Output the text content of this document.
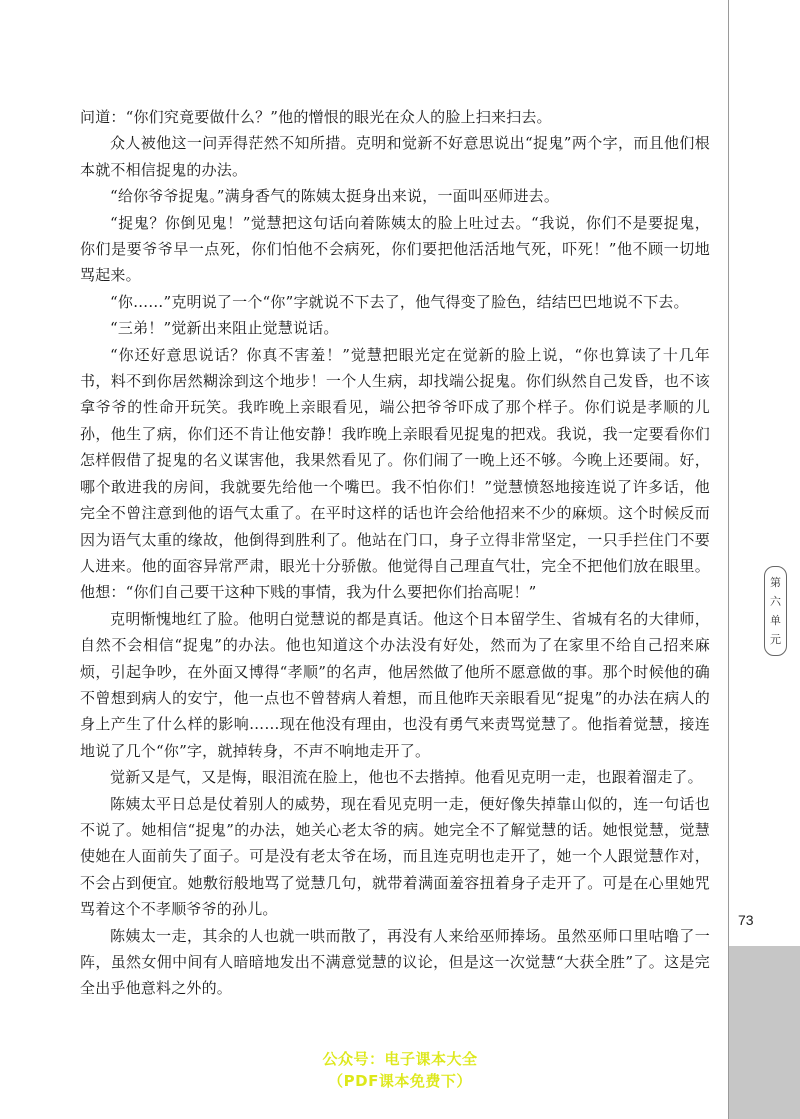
第
六
单
元
73

问道：“你们究竟要做什么？”他的憎恨的眼光在众人的脸上扫来扫去。

众人被他这一问弄得茫然不知所措。克明和觉新不好意思说出“捉鬼”两个字，而且他们根本就不相信捉鬼的办法。

“给你爷爷捉鬼。”满身香气的陈姨太挺身出来说，一面叫巫师进去。

“捉鬼？你倒见鬼！”觉慧把这句话向着陈姨太的脸上吐过去。“我说，你们不是要捉鬼，你们是要爷爷早一点死，你们怕他不会病死，你们要把他活活地气死，吓死！”他不顾一切地骂起来。

“你……”克明说了一个“你”字就说不下去了，他气得变了脸色，结结巴巴地说不下去。

“三弟！”觉新出来阻止觉慧说话。

“你还好意思说话？你真不害羞！”觉慧把眼光定在觉新的脸上说，“你也算读了十几年书，料不到你居然糊涂到这个地步！一个人生病，却找端公捉鬼。你们纵然自己发昏，也不该拿爷爷的性命开玩笑。我昨晚上亲眼看见，端公把爷爷吓成了那个样子。你们说是孝顺的儿孙，他生了病，你们还不肯让他安静！我昨晚上亲眼看见捉鬼的把戏。我说，我一定要看你们怎样假借了捉鬼的名义谋害他，我果然看见了。你们闹了一晚上还不够。今晚上还要闹。好，哪个敢进我的房间，我就要先给他一个嘴巴。我不怕你们！”觉慧愤怒地接连说了许多话，他完全不曾注意到他的语气太重了。在平时这样的话也许会给他招来不少的麻烦。这个时候反而因为语气太重的缘故，他倒得到胜利了。他站在门口，身子立得非常坚定，一只手拦住门不要人进来。他的面容异常严肃，眼光十分骄傲。他觉得自己理直气壮，完全不把他们放在眼里。他想：“你们自己要干这种下贱的事情，我为什么要把你们抬高呢！”

克明惭愧地红了脸。他明白觉慧说的都是真话。他这个日本留学生、省城有名的大律师，自然不会相信“捉鬼”的办法。他也知道这个办法没有好处，然而为了在家里不给自己招来麻烦，引起争吵，在外面又博得“孝顺”的名声，他居然做了他所不愿意做的事。那个时候他的确不曾想到病人的安宁，他一点也不曾替病人着想，而且他昨天亲眼看见“捉鬼”的办法在病人的身上产生了什么样的影响……现在他没有理由，也没有勇气来责骂觉慧了。他指着觉慧，接连地说了几个“你”字，就掉转身，不声不响地走开了。

觉新又是气，又是悔，眼泪流在脸上，他也不去揩掉。他看见克明一走，也跟着溜走了。

陈姨太平日总是仗着别人的威势，现在看见克明一走，便好像失掉靠山似的，连一句话也不说了。她相信“捉鬼”的办法，她关心老太爷的病。她完全不了解觉慧的话。她恨觉慧，觉慧使她在人面前失了面子。可是没有老太爷在场，而且连克明也走开了，她一个人跟觉慧作对，不会占到便宜。她敷衍般地骂了觉慧几句，就带着满面羞容扭着身子走开了。可是在心里她咒骂着这个不孝顺爷爷的孙儿。

陈姨太一走，其余的人也就一哄而散了，再没有人来给巫师捧场。虽然巫师口里咕噜了一阵，虽然女佣中间有人暗暗地发出不满意觉慧的议论，但是这一次觉慧“大获全胜”了。这是完全出乎他意料之外的。

公众号：电子课本大全
（PDF课本免费下）
